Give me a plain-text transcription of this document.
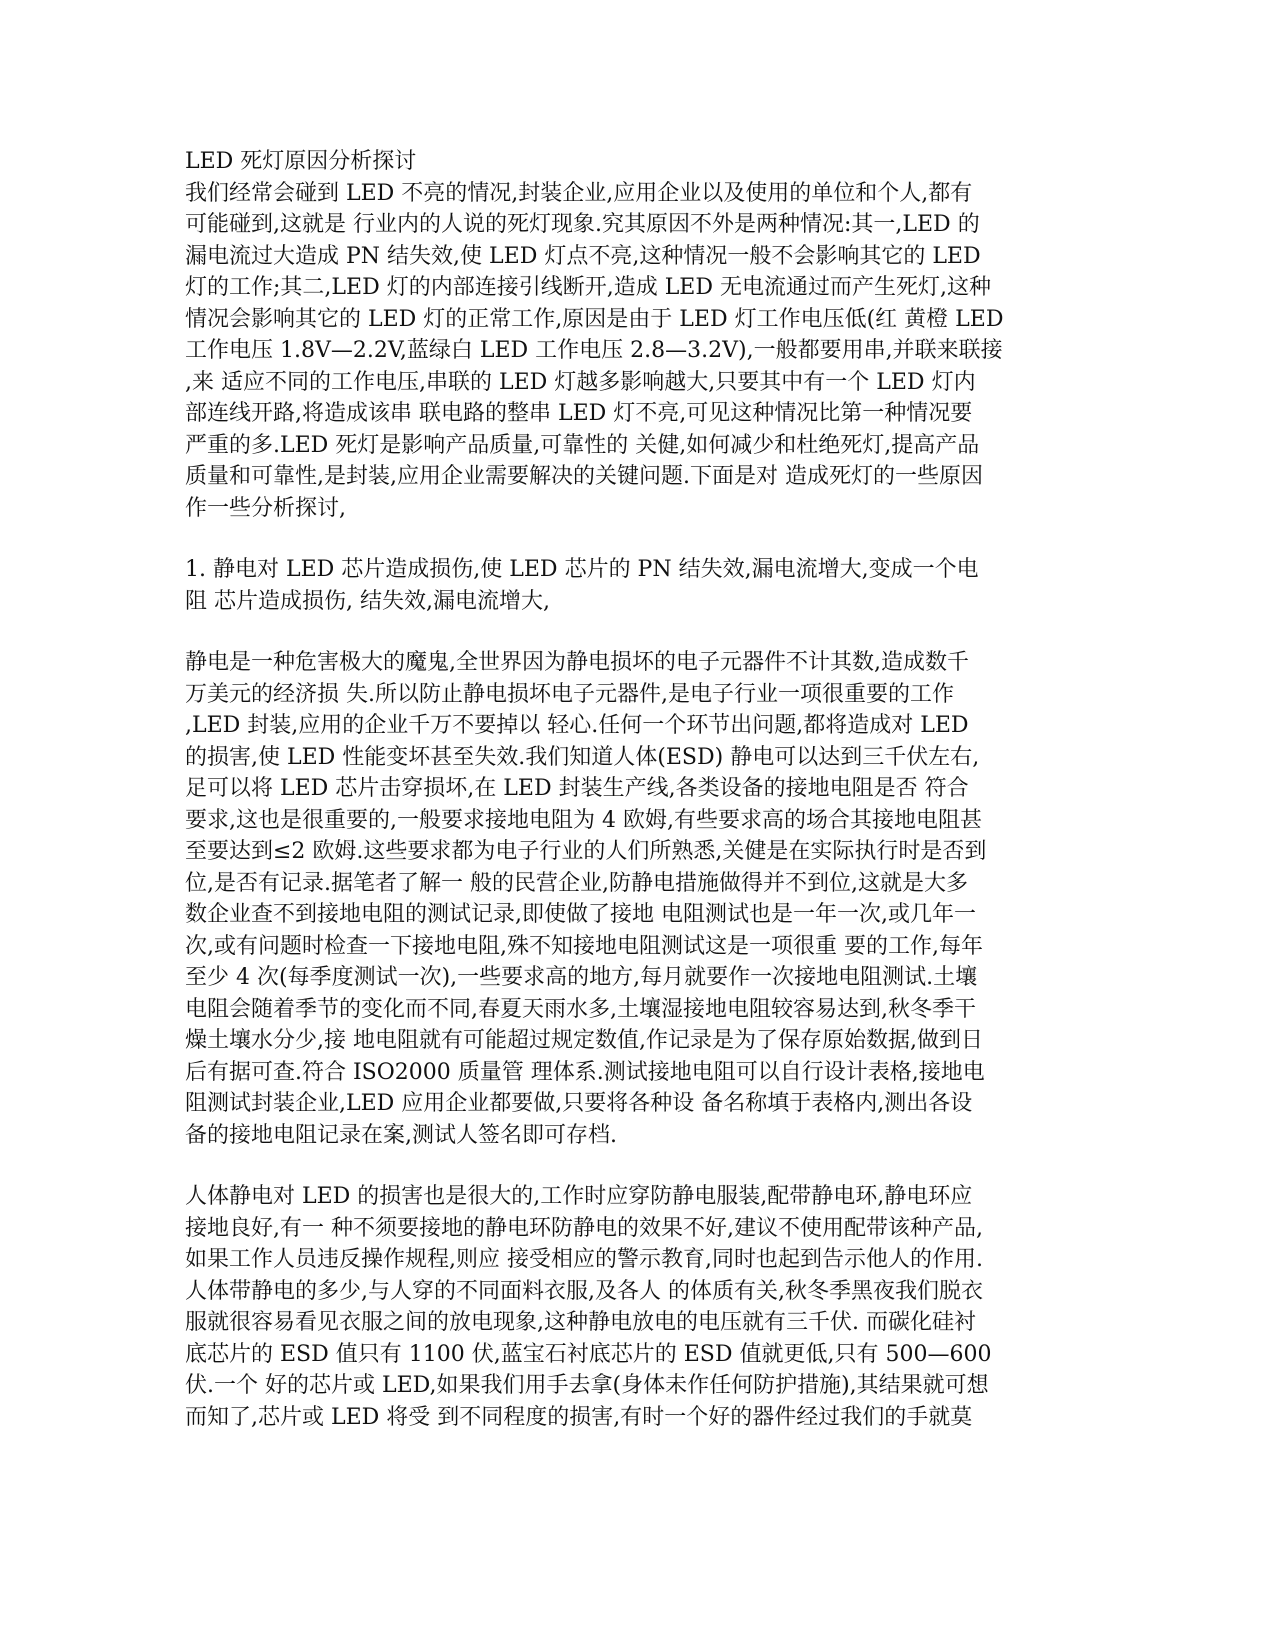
LED 死灯原因分析探讨
我们经常会碰到 LED 不亮的情况,封装企业,应用企业以及使用的单位和个人,都有
可能碰到,这就是 行业内的人说的死灯现象.究其原因不外是两种情况:其一,LED 的
漏电流过大造成 PN 结失效,使 LED 灯点不亮,这种情况一般不会影响其它的 LED
灯的工作;其二,LED 灯的内部连接引线断开,造成 LED 无电流通过而产生死灯,这种
情况会影响其它的 LED 灯的正常工作,原因是由于 LED 灯工作电压低(红 黄橙 LED
工作电压 1.8V—2.2V,蓝绿白 LED 工作电压 2.8—3.2V),一般都要用串,并联来联接
,来 适应不同的工作电压,串联的 LED 灯越多影响越大,只要其中有一个 LED 灯内
部连线开路,将造成该串 联电路的整串 LED 灯不亮,可见这种情况比第一种情况要
严重的多.LED 死灯是影响产品质量,可靠性的 关健,如何减少和杜绝死灯,提高产品
质量和可靠性,是封装,应用企业需要解决的关键问题.下面是对 造成死灯的一些原因
作一些分析探讨,
1. 静电对 LED 芯片造成损伤,使 LED 芯片的 PN 结失效,漏电流增大,变成一个电
阻 芯片造成损伤, 结失效,漏电流增大,
静电是一种危害极大的魔鬼,全世界因为静电损坏的电子元器件不计其数,造成数千
万美元的经济损 失.所以防止静电损坏电子元器件,是电子行业一项很重要的工作
,LED 封装,应用的企业千万不要掉以 轻心.任何一个环节出问题,都将造成对 LED
的损害,使 LED 性能变坏甚至失效.我们知道人体(ESD) 静电可以达到三千伏左右,
足可以将 LED 芯片击穿损坏,在 LED 封装生产线,各类设备的接地电阻是否 符合
要求,这也是很重要的,一般要求接地电阻为 4 欧姆,有些要求高的场合其接地电阻甚
至要达到≤2 欧姆.这些要求都为电子行业的人们所熟悉,关健是在实际执行时是否到
位,是否有记录.据笔者了解一 般的民营企业,防静电措施做得并不到位,这就是大多
数企业查不到接地电阻的测试记录,即使做了接地 电阻测试也是一年一次,或几年一
次,或有问题时检查一下接地电阻,殊不知接地电阻测试这是一项很重 要的工作,每年
至少 4 次(每季度测试一次),一些要求高的地方,每月就要作一次接地电阻测试.土壤
电阻会随着季节的变化而不同,春夏天雨水多,土壤湿接地电阻较容易达到,秋冬季干
燥土壤水分少,接 地电阻就有可能超过规定数值,作记录是为了保存原始数据,做到日
后有据可查.符合 ISO2000 质量管 理体系.测试接地电阻可以自行设计表格,接地电
阻测试封装企业,LED 应用企业都要做,只要将各种设 备名称填于表格内,测出各设
备的接地电阻记录在案,测试人签名即可存档.
人体静电对 LED 的损害也是很大的,工作时应穿防静电服装,配带静电环,静电环应
接地良好,有一 种不须要接地的静电环防静电的效果不好,建议不使用配带该种产品,
如果工作人员违反操作规程,则应 接受相应的警示教育,同时也起到告示他人的作用.
人体带静电的多少,与人穿的不同面料衣服,及各人 的体质有关,秋冬季黑夜我们脱衣
服就很容易看见衣服之间的放电现象,这种静电放电的电压就有三千伏. 而碳化硅衬
底芯片的 ESD 值只有 1100 伏,蓝宝石衬底芯片的 ESD 值就更低,只有 500—600
伏.一个 好的芯片或 LED,如果我们用手去拿(身体未作任何防护措施),其结果就可想
而知了,芯片或 LED 将受 到不同程度的损害,有时一个好的器件经过我们的手就莫
